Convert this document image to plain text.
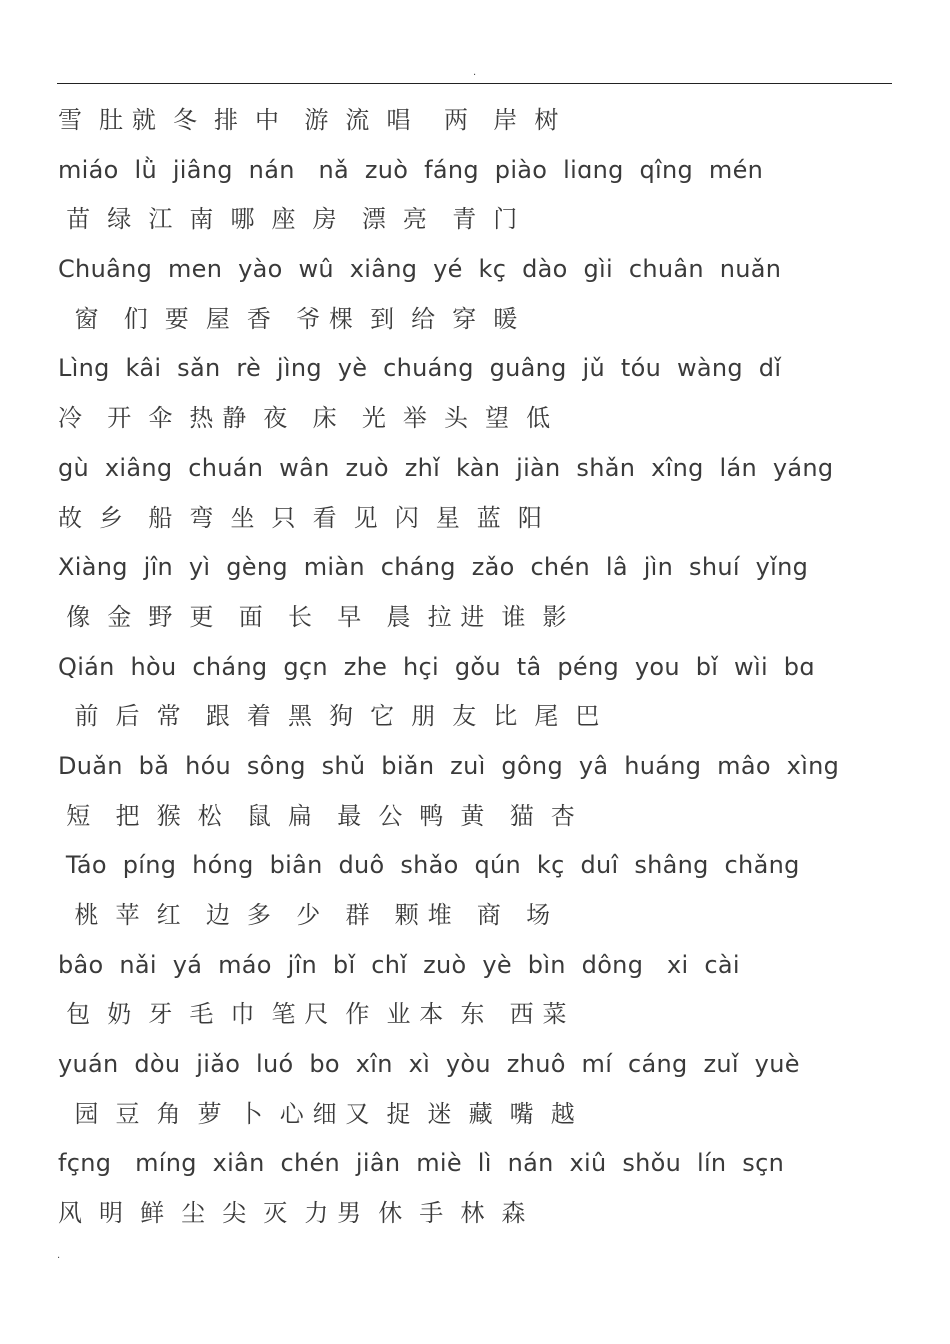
.
雪  肚 就  冬  排  中   游  流  唱    两   岸  树
miáo  lǜ  jiâng  nán   nǎ  zuò  fáng  piào  liɑng  qîng  mén
苗  绿  江  南  哪  座  房   漂  亮   青  门
Chuâng  men  yào  wû  xiâng  yé  kç  dào  gìi  chuân  nuǎn
窗   们  要  屋  香   爷 棵  到  给  穿  暖
Lìng  kâi  sǎn  rè  jìng  yè  chuáng  guâng  jǔ  tóu  wàng  dǐ
冷   开  伞  热 静  夜   床   光  举  头  望  低
gù  xiâng  chuán  wân  zuò  zhǐ  kàn  jiàn  shǎn  xîng  lán  yáng
故  乡   船  弯  坐  只  看  见  闪  星  蓝  阳
Xiàng  jîn  yì  gèng  miàn  cháng  zǎo  chén  lâ  jìn  shuí  yǐng
像  金  野  更   面   长   早   晨  拉 进  谁  影
Qián  hòu  cháng  gçn  zhe  hçi  gǒu  tâ  péng  you  bǐ  wìi  bɑ
前  后  常   跟  着  黑  狗  它  朋  友  比  尾  巴
Duǎn  bǎ  hóu  sông  shǔ  biǎn  zuì  gông  yâ  huáng  mâo  xìng
短   把  猴  松   鼠  扁   最  公  鸭  黄   猫  杏
Táo  píng  hóng  biân  duô  shǎo  qún  kç  duî  shâng  chǎng
桃  苹  红   边  多   少   群   颗 堆   商   场
bâo  nǎi  yá  máo  jîn  bǐ  chǐ  zuò  yè  bìn  dông   xi  cài
包  奶  牙  毛  巾  笔 尺  作  业 本  东   西 菜
yuán  dòu  jiǎo  luó  bo  xîn  xì  yòu  zhuô  mí  cáng  zuǐ  yuè
园  豆  角  萝  卜  心 细 又  捉  迷  藏  嘴  越
fçng   míng  xiân  chén  jiân  miè  lì  nán  xiû  shǒu  lín  sçn
风  明  鲜  尘  尖  灭  力 男  休  手  林  森
.
